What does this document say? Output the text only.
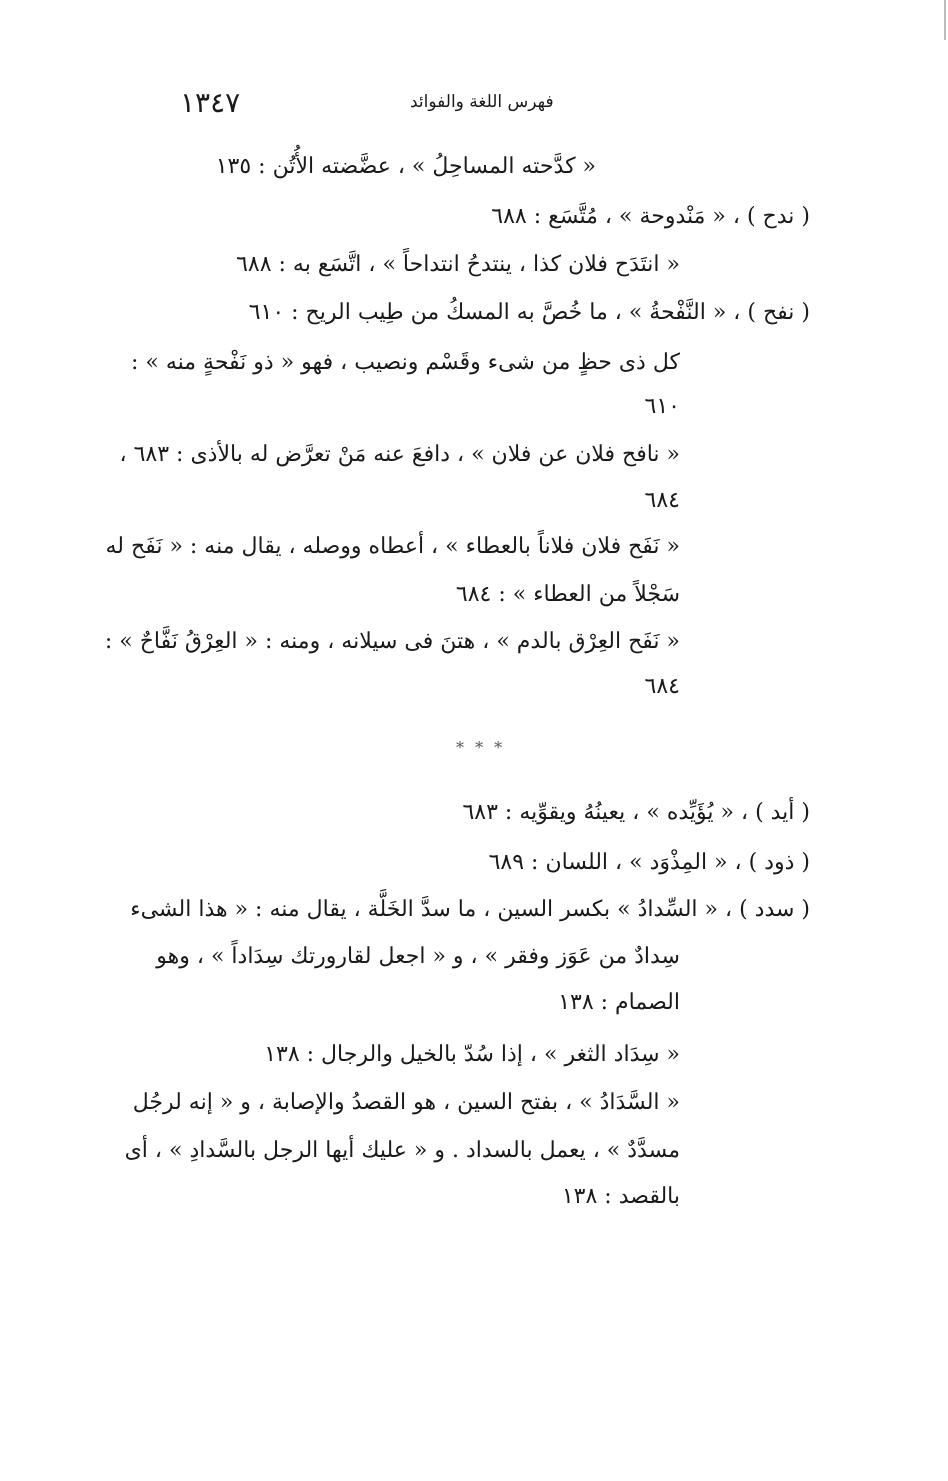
١٣٤٧	فهرس اللغة والفوائد
« كدَّحته المساحِلُ » ، عضَّضته الأُتُن : ١٣٥
( ندح ) ، « مَنْدوحة » ، مُتَّسَع : ٦٨٨
« انتَدَح فلان كذا ، ينتدحُ انتداحاً » ، اتَّسَع به : ٦٨٨
( نفح ) ، « النَّفْحةُ » ، ما خُصَّ به المسكُ من طِيب الريح : ٦١٠
كل ذى حظٍ من شىء وقَسْم ونصيب ، فهو « ذو نَفْحةٍ منه » :
٦١٠
« نافح فلان عن فلان » ، دافعَ عنه مَنْ تعرَّض له بالأذى : ٦٨٣ ،
٦٨٤
« نَفَح فلان فلاناً بالعطاء » ، أعطاه ووصله ، يقال منه : « نَفَح له
سَجْلاً من العطاء » : ٦٨٤
« نَفَح العِرْق بالدم » ، هتنَ فى سيلانه ، ومنه : « العِرْقُ نَفَّاحٌ » :
٦٨٤
* * *
( أيد ) ، « يُؤَيِّده » ، يعينُهُ ويقوِّيه : ٦٨٣
( ذود ) ، « المِذْوَد » ، اللسان : ٦٨٩
( سدد ) ، « السِّدادُ » بكسر السين ، ما سدَّ الخَلَّة ، يقال منه : « هذا الشىء
سِدادٌ من عَوَز وفقر » ، و « اجعل لقارورتك سِدَاداً » ، وهو
الصمام : ١٣٨
« سِدَاد الثغر » ، إذا سُدّ بالخيل والرجال : ١٣٨
« السَّدَادُ » ، بفتح السين ، هو القصدُ والإصابة ، و « إنه لرجُل
مسدَّدٌ » ، يعمل بالسداد . و « عليك أيها الرجل بالسَّدادِ » ، أى
بالقصد : ١٣٨
